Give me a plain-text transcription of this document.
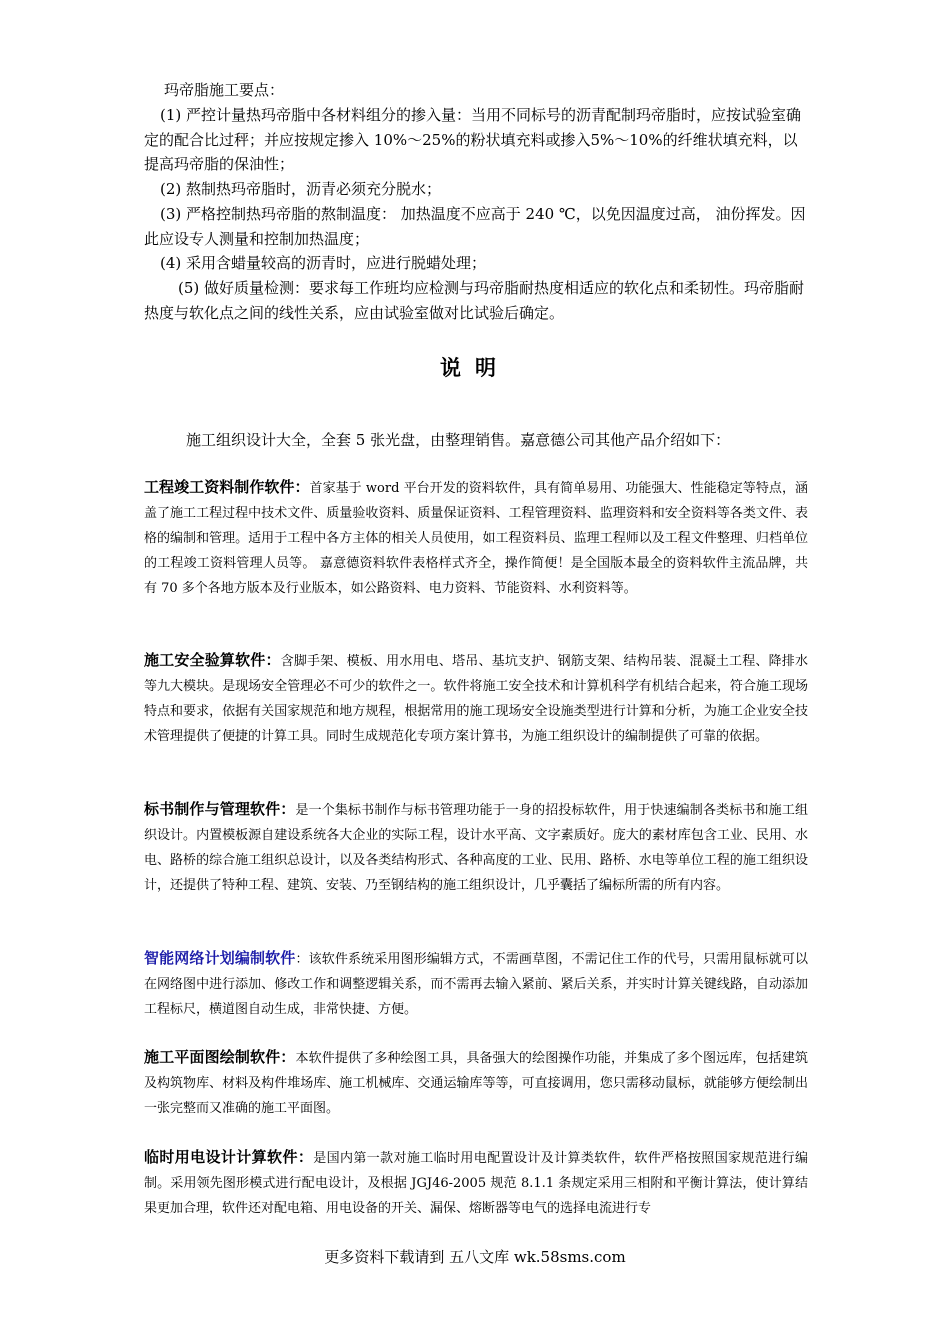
玛帝脂施工要点：
(1) 严控计量热玛帝脂中各材料组分的掺入量：当用不同标号的沥青配制玛帝脂时，应按试验室确定的配合比过秤；并应按规定掺入 10%～25%的粉状填充料或掺入5%～10%的纤维状填充料，以提高玛帝脂的保油性；
(2) 熬制热玛帝脂时，沥青必须充分脱水；
(3) 严格控制热玛帝脂的熬制温度： 加热温度不应高于 240 ℃，以免因温度过高， 油份挥发。因此应设专人测量和控制加热温度；
(4) 采用含蜡量较高的沥青时，应进行脱蜡处理；
(5) 做好质量检测：要求每工作班均应检测与玛帝脂耐热度相适应的软化点和柔韧性。玛帝脂耐热度与软化点之间的线性关系，应由试验室做对比试验后确定。
说明
施工组织设计大全，全套 5 张光盘，由整理销售。嘉意德公司其他产品介绍如下：
工程竣工资料制作软件：首家基于 word 平台开发的资料软件，具有简单易用、功能强大、性能稳定等特点，涵盖了施工工程过程中技术文件、质量验收资料、质量保证资料、工程管理资料、监理资料和安全资料等各类文件、表格的编制和管理。适用于工程中各方主体的相关人员使用，如工程资料员、监理工程师以及工程文件整理、归档单位的工程竣工资料管理人员等。 嘉意德资料软件表格样式齐全，操作简便！是全国版本最全的资料软件主流品牌，共有 70 多个各地方版本及行业版本，如公路资料、电力资料、节能资料、水利资料等。
施工安全验算软件：含脚手架、模板、用水用电、塔吊、基坑支护、钢筋支架、结构吊装、混凝土工程、降排水等九大模块。是现场安全管理必不可少的软件之一。软件将施工安全技术和计算机科学有机结合起来，符合施工现场特点和要求，依据有关国家规范和地方规程，根据常用的施工现场安全设施类型进行计算和分析，为施工企业安全技术管理提供了便捷的计算工具。同时生成规范化专项方案计算书，为施工组织设计的编制提供了可靠的依据。
标书制作与管理软件：是一个集标书制作与标书管理功能于一身的招投标软件，用于快速编制各类标书和施工组织设计。内置模板源自建设系统各大企业的实际工程，设计水平高、文字素质好。庞大的素材库包含工业、民用、水电、路桥的综合施工组织总设计，以及各类结构形式、各种高度的工业、民用、路桥、水电等单位工程的施工组织设计，还提供了特种工程、建筑、安装、乃至钢结构的施工组织设计，几乎囊括了编标所需的所有内容。
智能网络计划编制软件：该软件系统采用图形编辑方式，不需画草图，不需记住工作的代号，只需用鼠标就可以在网络图中进行添加、修改工作和调整逻辑关系，而不需再去输入紧前、紧后关系，并实时计算关键线路，自动添加工程标尺，横道图自动生成，非常快捷、方便。
施工平面图绘制软件：本软件提供了多种绘图工具，具备强大的绘图操作功能，并集成了多个图远库，包括建筑及构筑物库、材料及构件堆场库、施工机械库、交通运输库等等，可直接调用，您只需移动鼠标，就能够方便绘制出一张完整而又准确的施工平面图。
临时用电设计计算软件：是国内第一款对施工临时用电配置设计及计算类软件，软件严格按照国家规范进行编制。采用领先图形模式进行配电设计，及根据 JGJ46-2005 规范 8.1.1 条规定采用三相附和平衡计算法，使计算结果更加合理，软件还对配电箱、用电设备的开关、漏保、熔断器等电气的选择电流进行专
更多资料下载请到 五八文库 wk.58sms.com
